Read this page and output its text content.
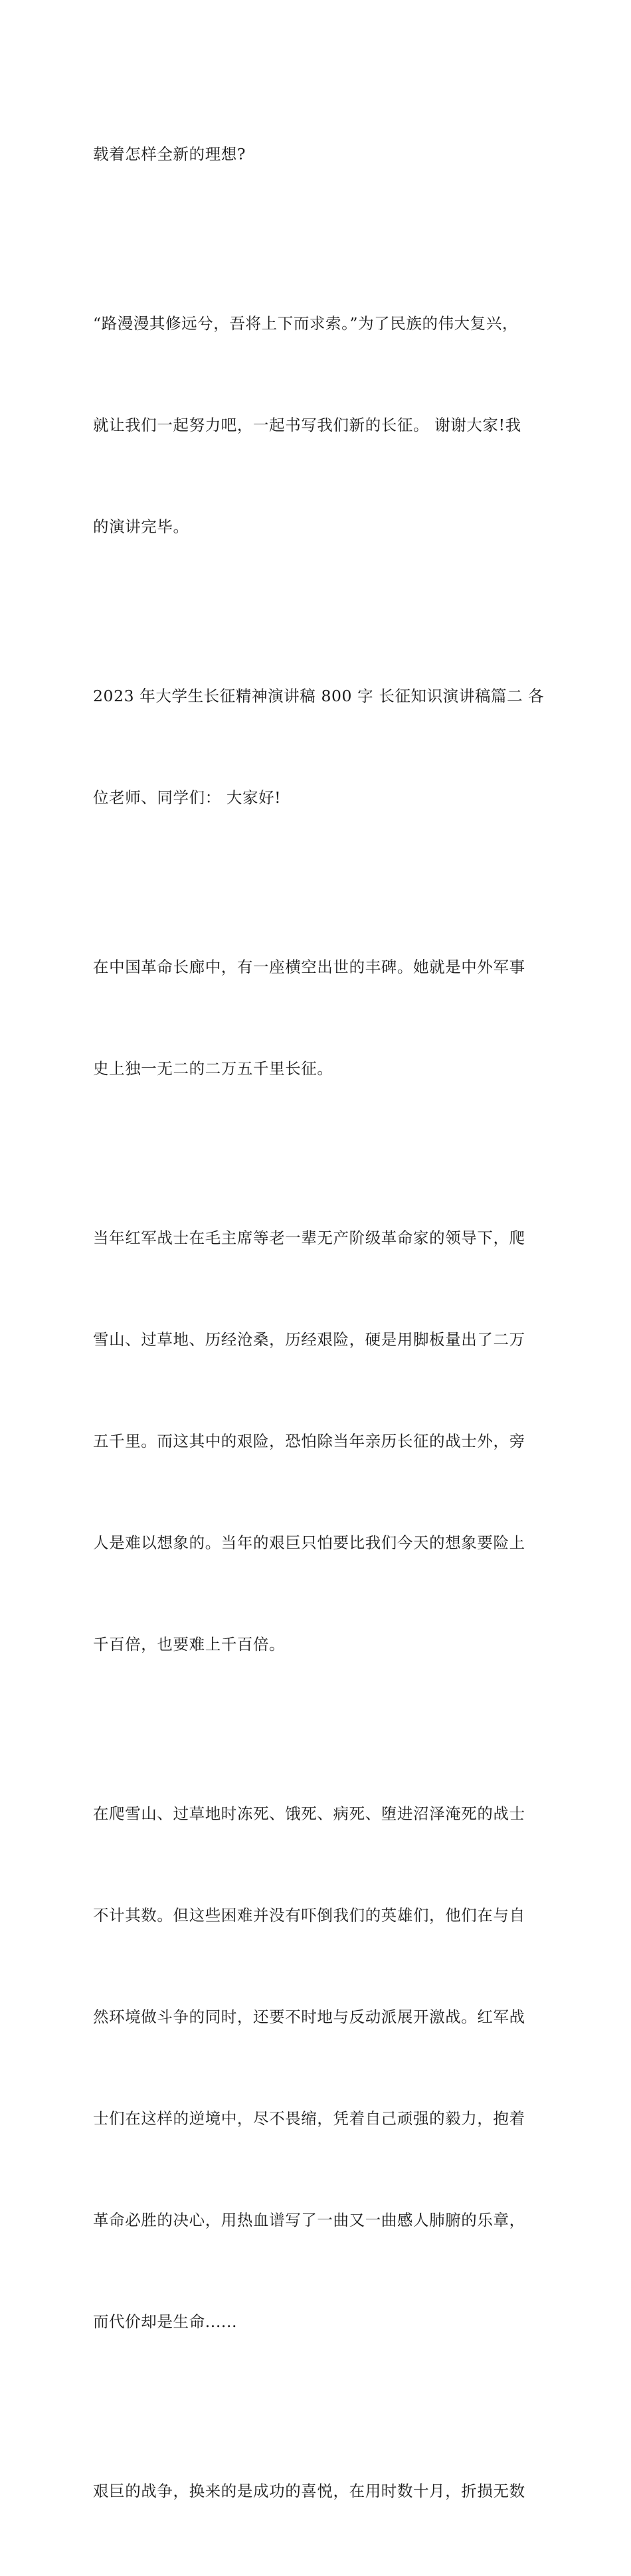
载着怎样全新的理想?

“路漫漫其修远兮，吾将上下而求索。”为了民族的伟大复兴，

就让我们一起努力吧，一起书写我们新的长征。 谢谢大家!我

的演讲完毕。

2023 年大学生长征精神演讲稿 800 字 长征知识演讲稿篇二 各

位老师、同学们： 大家好!

在中国革命长廊中，有一座横空出世的丰碑。她就是中外军事

史上独一无二的二万五千里长征。

当年红军战士在毛主席等老一辈无产阶级革命家的领导下，爬

雪山、过草地、历经沧桑，历经艰险，硬是用脚板量出了二万

五千里。而这其中的艰险，恐怕除当年亲历长征的战士外，旁

人是难以想象的。当年的艰巨只怕要比我们今天的想象要险上

千百倍，也要难上千百倍。

在爬雪山、过草地时冻死、饿死、病死、堕进沼泽淹死的战士

不计其数。但这些困难并没有吓倒我们的英雄们，他们在与自

然环境做斗争的同时，还要不时地与反动派展开激战。红军战

士们在这样的逆境中，尽不畏缩，凭着自己顽强的毅力，抱着

革命必胜的决心，用热血谱写了一曲又一曲感人肺腑的乐章，

而代价却是生命......

艰巨的战争，换来的是成功的喜悦，在用时数十月，折损无数
